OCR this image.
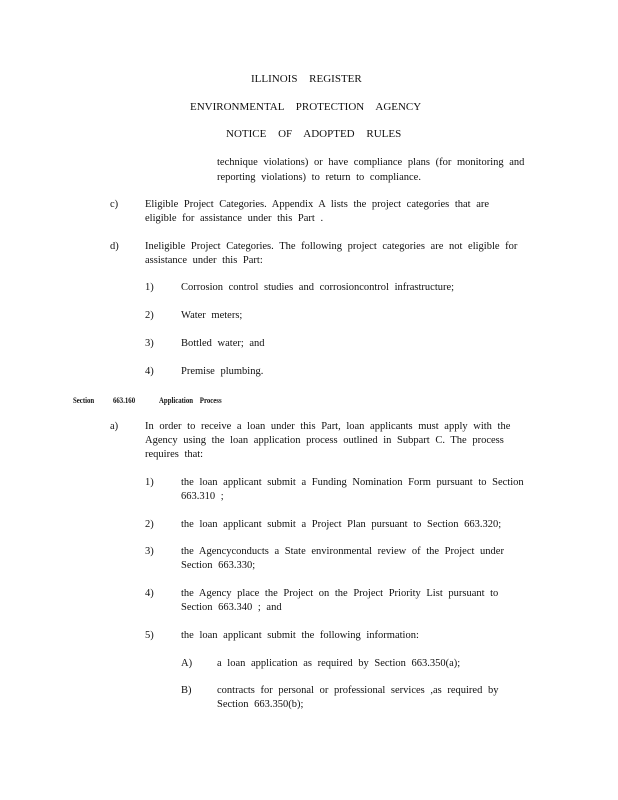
ILLINOIS REGISTER
ENVIRONMENTAL PROTECTION AGENCY
NOTICE OF ADOPTED RULES
technique violations) or have compliance plans (for monitoring and
reporting violations) to return to compliance.
c)	Eligible Project Categories. Appendix A lists the project categories that are
eligible for assistance under this Part .
d)	Ineligible Project Categories. The following project categories are not eligible for
assistance under this Part:
1)	Corrosion control studies and corrosioncontrol infrastructure;
2)	Water meters;
3)	Bottled water; and
4)	Premise plumbing.
Section 663.160	Application Process
a)	In order to receive a loan under this Part, loan applicants must apply with the
Agency using the loan application process outlined in Subpart C. The process
requires that:
1)	the loan applicant submit a Funding Nomination Form pursuant to Section
663.310 ;
2)	the loan applicant submit a Project Plan pursuant to Section 663.320;
3)	the Agencyconducts a State environmental review of the Project under
Section 663.330;
4)	the Agency place the Project on the Project Priority List pursuant to
Section 663.340 ; and
5)	the loan applicant submit the following information:
A) a loan application as required by Section 663.350(a);
B) contracts for personal or professional services ,as required by
Section 663.350(b);
